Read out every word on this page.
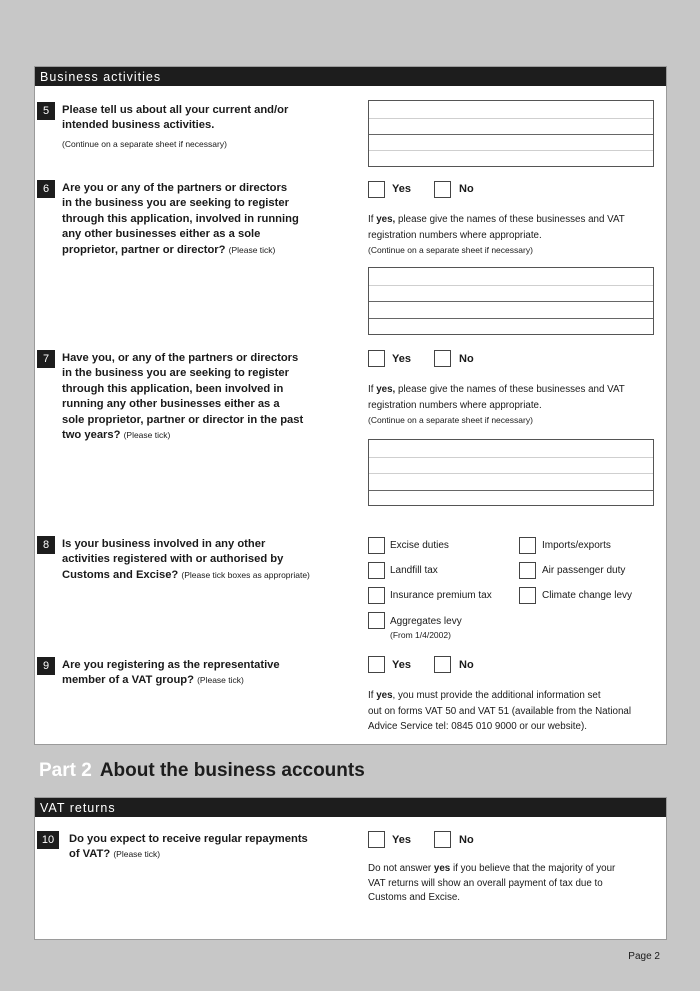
Business activities
5	Please tell us about all your current and/or
intended business activities.
(Continue on a separate sheet if necessary)
6	Are you or any of the partners or directors
in the business you are seeking to register
through this application, involved in running
any other businesses either as a sole
proprietor, partner or director? (Please tick)
Yes	No
If yes, please give the names of these businesses and VAT
registration numbers where appropriate.
(Continue on a separate sheet if necessary)
7	Have you, or any of the partners or directors
in the business you are seeking to register
through this application, been involved in
running any other businesses either as a
sole proprietor, partner or director in the past
two years? (Please tick)
Yes	No
If yes, please give the names of these businesses and VAT
registration numbers where appropriate.
(Continue on a separate sheet if necessary)
8	Is your business involved in any other
activities registered with or authorised by
Customs and Excise? (Please tick boxes as appropriate)
Excise duties	Imports/exports
Landfill tax	Air passenger duty
Insurance premium tax	Climate change levy
Aggregates levy
(From 1/4/2002)
9	Are you registering as the representative
member of a VAT group? (Please tick)
Yes	No
If yes, you must provide the additional information set
out on forms VAT 50 and VAT 51 (available from the National
Advice Service tel: 0845 010 9000 or our website).
Part 2 About the business accounts
VAT returns
10	Do you expect to receive regular repayments
of VAT? (Please tick)
Yes	No
Do not answer yes if you believe that the majority of your
VAT returns will show an overall payment of tax due to
Customs and Excise.
Page 2
